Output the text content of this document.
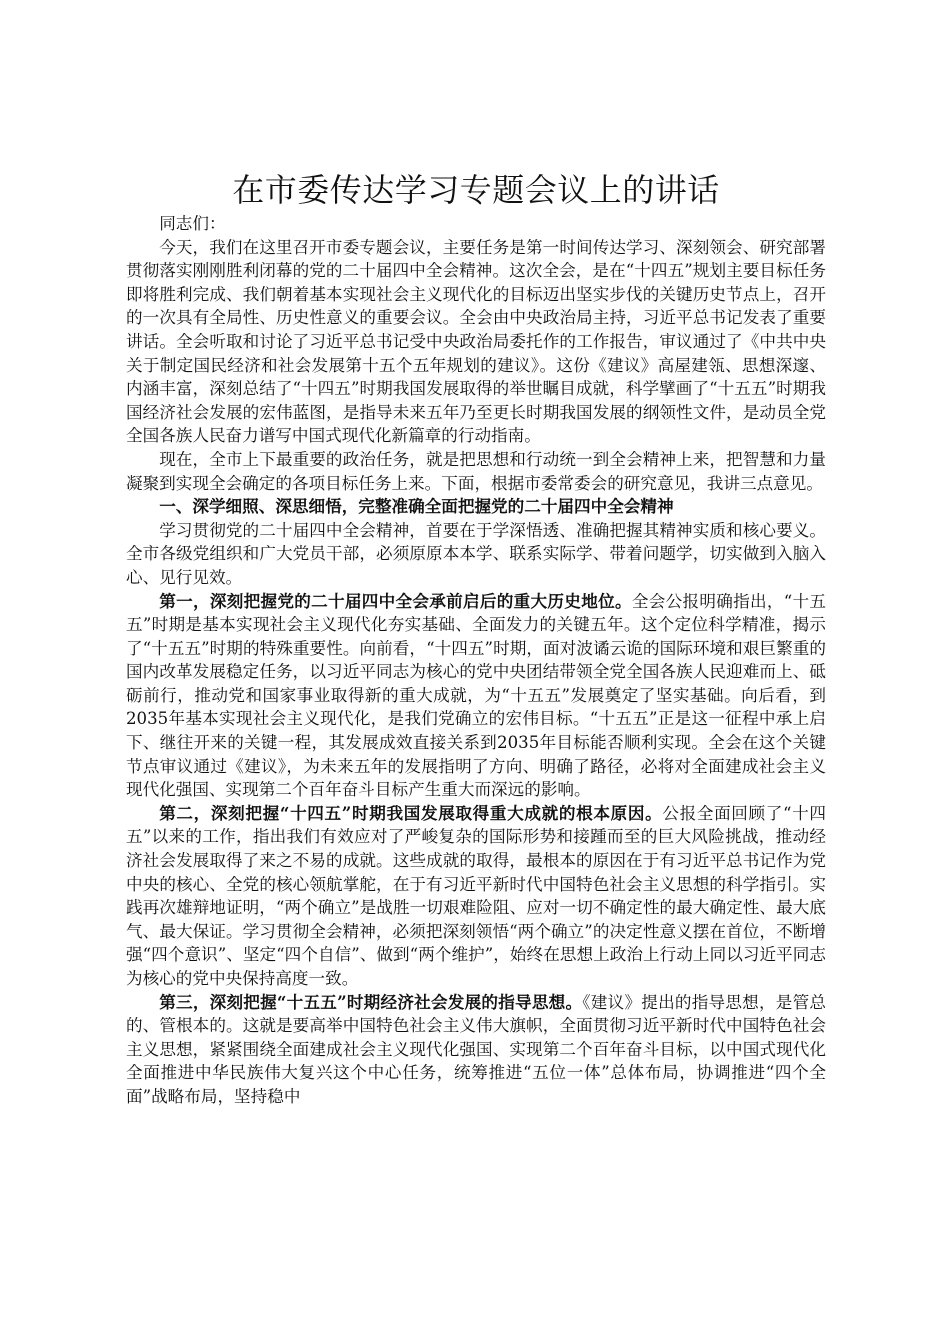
在市委传达学习专题会议上的讲话

同志们：

今天，我们在这里召开市委专题会议，主要任务是第一时间传达学习、深刻领会、研究部署贯彻落实刚刚胜利闭幕的党的二十届四中全会精神。这次全会，是在“十四五”规划主要目标任务即将胜利完成、我们朝着基本实现社会主义现代化的目标迈出坚实步伐的关键历史节点上，召开的一次具有全局性、历史性意义的重要会议。全会由中央政治局主持，习近平总书记发表了重要讲话。全会听取和讨论了习近平总书记受中央政治局委托作的工作报告，审议通过了《中共中央关于制定国民经济和社会发展第十五个五年规划的建议》。这份《建议》高屋建瓴、思想深邃、内涵丰富，深刻总结了“十四五”时期我国发展取得的举世瞩目成就，科学擘画了“十五五”时期我国经济社会发展的宏伟蓝图，是指导未来五年乃至更长时期我国发展的纲领性文件，是动员全党全国各族人民奋力谱写中国式现代化新篇章的行动指南。

现在，全市上下最重要的政治任务，就是把思想和行动统一到全会精神上来，把智慧和力量凝聚到实现全会确定的各项目标任务上来。下面，根据市委常委会的研究意见，我讲三点意见。

一、深学细照、深思细悟，完整准确全面把握党的二十届四中全会精神

学习贯彻党的二十届四中全会精神，首要在于学深悟透、准确把握其精神实质和核心要义。全市各级党组织和广大党员干部，必须原原本本学、联系实际学、带着问题学，切实做到入脑入心、见行见效。

第一，深刻把握党的二十届四中全会承前启后的重大历史地位。全会公报明确指出，“十五五”时期是基本实现社会主义现代化夯实基础、全面发力的关键五年。这个定位科学精准，揭示了“十五五”时期的特殊重要性。向前看，“十四五”时期，面对波谲云诡的国际环境和艰巨繁重的国内改革发展稳定任务，以习近平同志为核心的党中央团结带领全党全国各族人民迎难而上、砥砺前行，推动党和国家事业取得新的重大成就，为“十五五”发展奠定了坚实基础。向后看，到2035年基本实现社会主义现代化，是我们党确立的宏伟目标。“十五五”正是这一征程中承上启下、继往开来的关键一程，其发展成效直接关系到2035年目标能否顺利实现。全会在这个关键节点审议通过《建议》，为未来五年的发展指明了方向、明确了路径，必将对全面建成社会主义现代化强国、实现第二个百年奋斗目标产生重大而深远的影响。

第二，深刻把握“十四五”时期我国发展取得重大成就的根本原因。公报全面回顾了“十四五”以来的工作，指出我们有效应对了严峻复杂的国际形势和接踵而至的巨大风险挑战，推动经济社会发展取得了来之不易的成就。这些成就的取得，最根本的原因在于有习近平总书记作为党中央的核心、全党的核心领航掌舵，在于有习近平新时代中国特色社会主义思想的科学指引。实践再次雄辩地证明，“两个确立”是战胜一切艰难险阻、应对一切不确定性的最大确定性、最大底气、最大保证。学习贯彻全会精神，必须把深刻领悟“两个确立”的决定性意义摆在首位，不断增强“四个意识”、坚定“四个自信”、做到“两个维护”，始终在思想上政治上行动上同以习近平同志为核心的党中央保持高度一致。

第三，深刻把握“十五五”时期经济社会发展的指导思想。《建议》提出的指导思想，是管总的、管根本的。这就是要高举中国特色社会主义伟大旗帜，全面贯彻习近平新时代中国特色社会主义思想，紧紧围绕全面建成社会主义现代化强国、实现第二个百年奋斗目标，以中国式现代化全面推进中华民族伟大复兴这个中心任务，统筹推进“五位一体”总体布局，协调推进“四个全面”战略布局，坚持稳中
